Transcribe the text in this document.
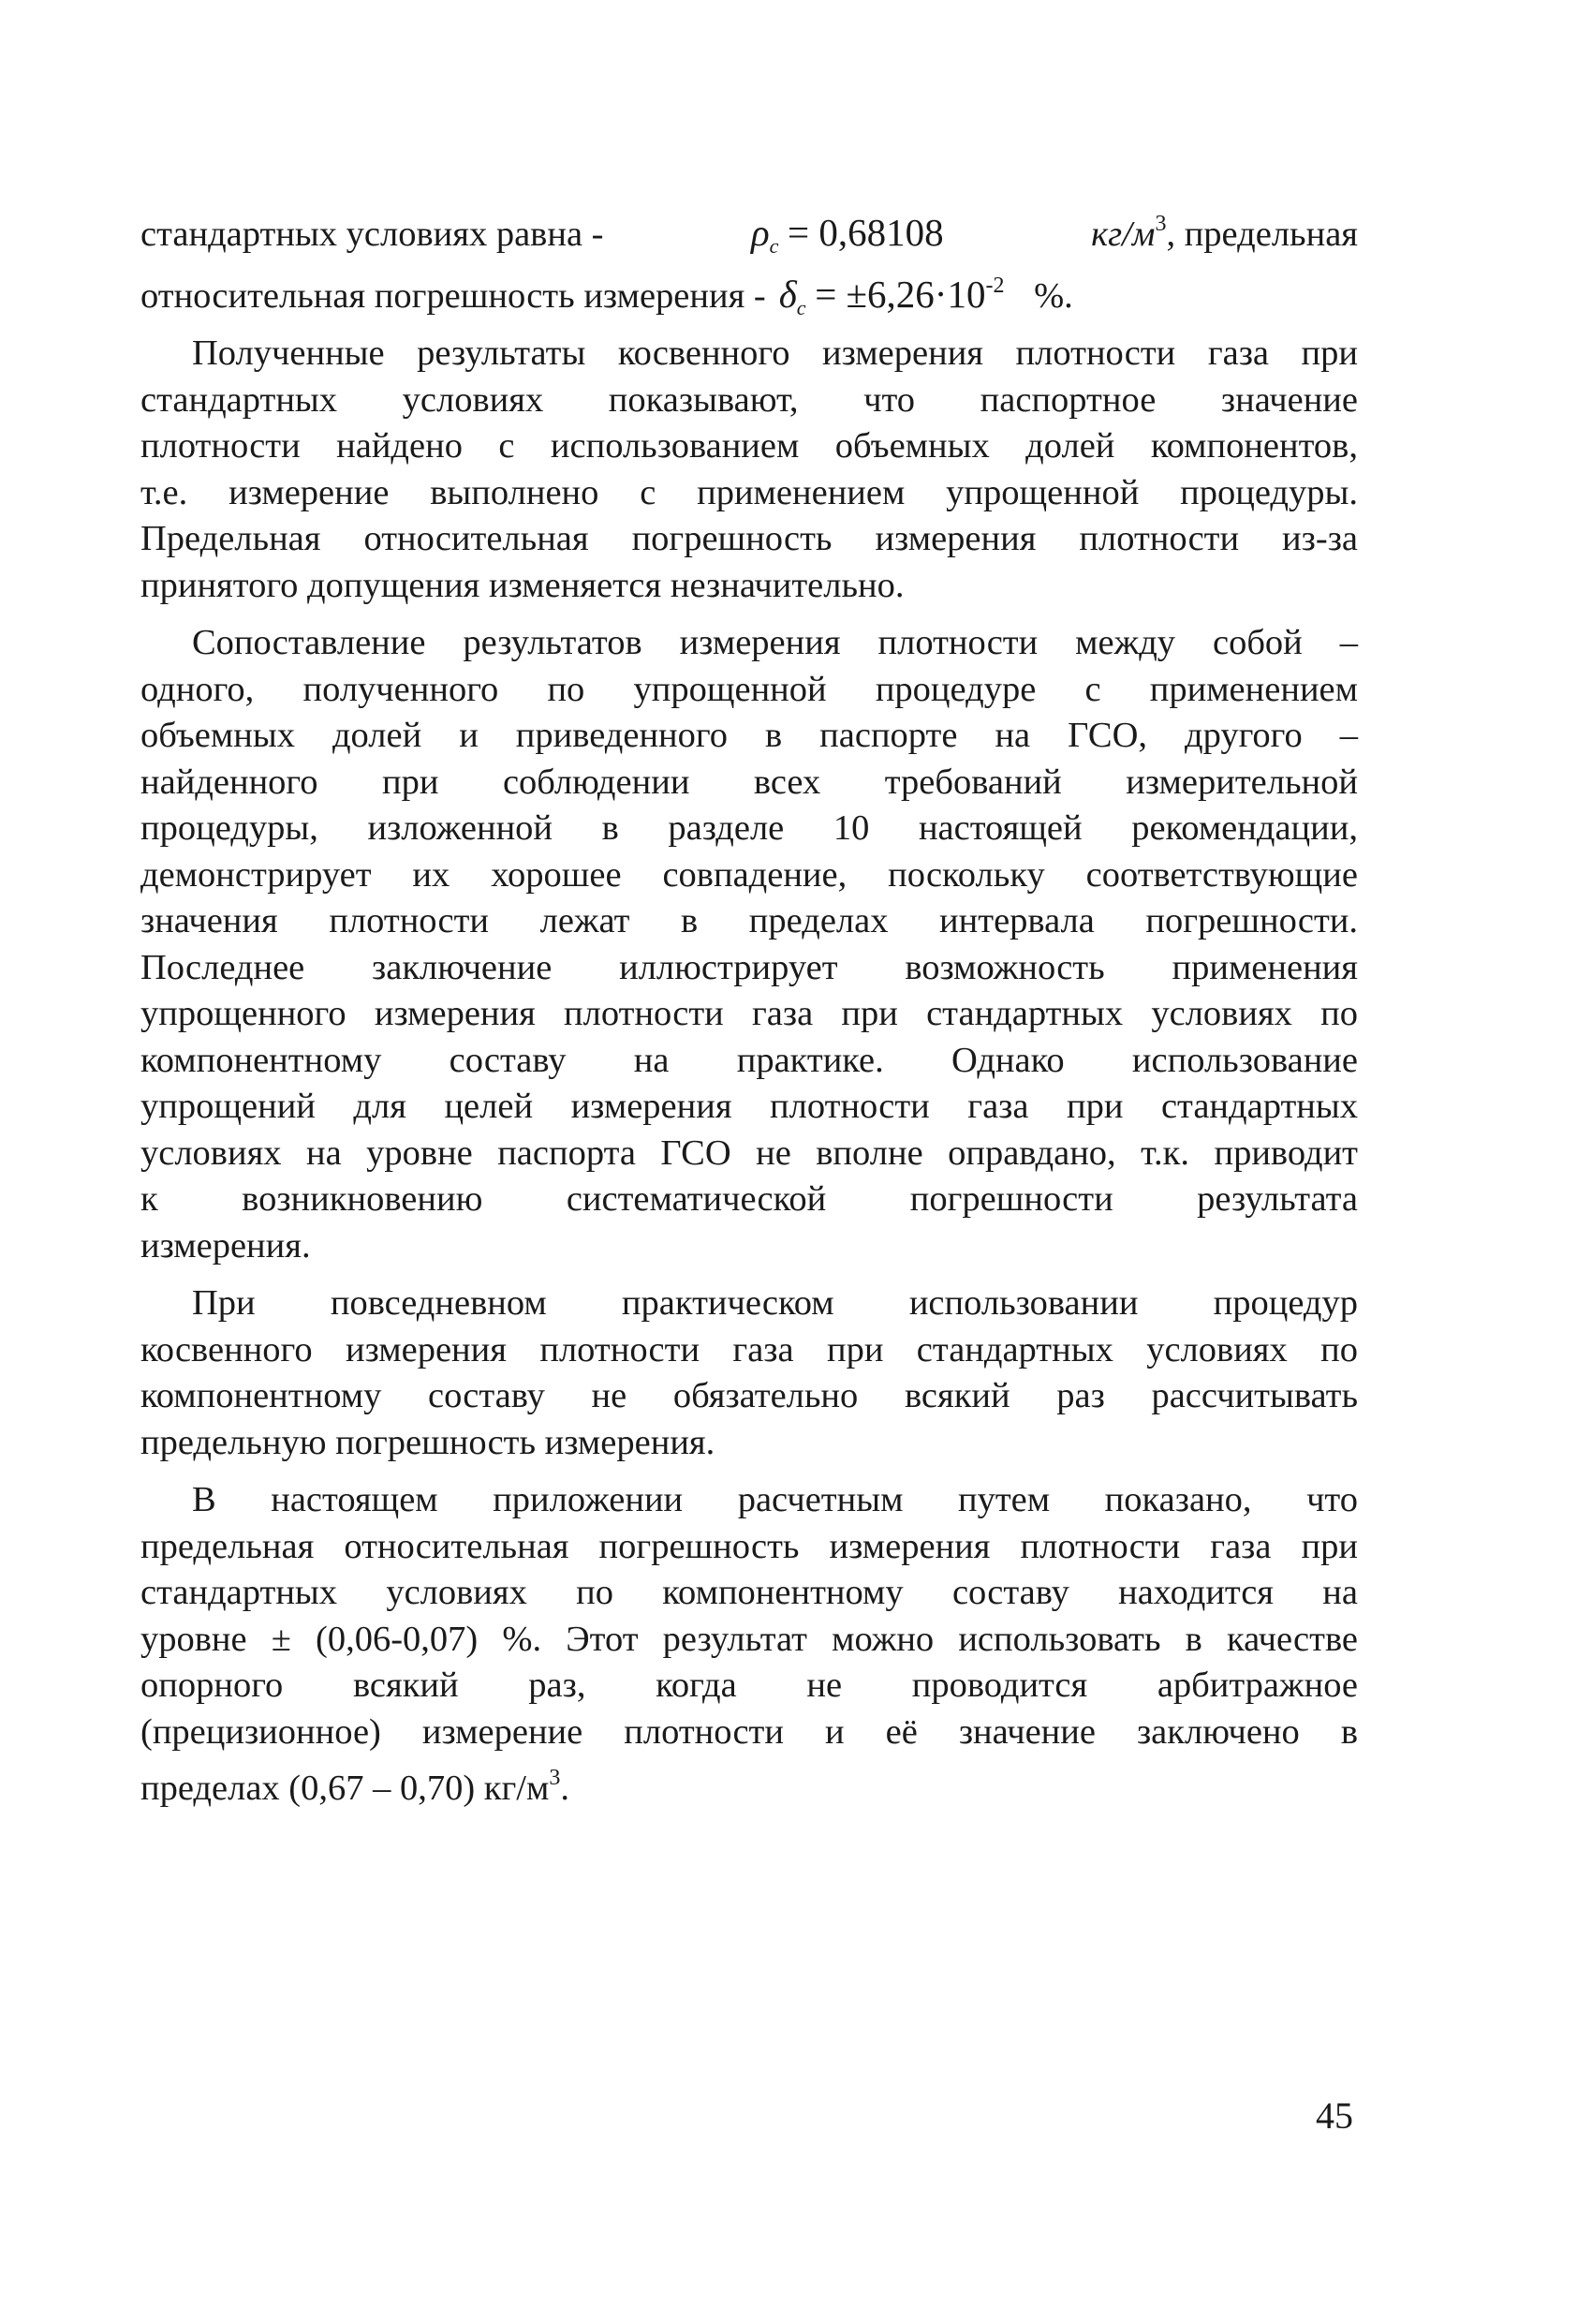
стандартных условиях равна -	$\rho_c = 0,68108$	$кг/м^3$, предельная
относительная погрешность измерения - $\delta_c = \pm 6,26\cdot 10^{-2}$ %.
Полученные результаты косвенного измерения плотности газа при
стандартных условиях показывают, что паспортное значение
плотности найдено с использованием объемных долей компонентов,
т.е. измерение выполнено с применением упрощенной процедуры.
Предельная относительная погрешность измерения плотности из-за
принятого допущения изменяется незначительно.
Сопоставление результатов измерения плотности между собой –
одного, полученного по упрощенной процедуре с применением
объемных долей и приведенного в паспорте на ГСО, другого –
найденного при соблюдении всех требований измерительной
процедуры, изложенной в разделе 10 настоящей рекомендации,
демонстрирует их хорошее совпадение, поскольку соответствующие
значения плотности лежат в пределах интервала погрешности.
Последнее заключение иллюстрирует возможность применения
упрощенного измерения плотности газа при стандартных условиях по
компонентному составу на практике. Однако использование
упрощений для целей измерения плотности газа при стандартных
условиях на уровне паспорта ГСО не вполне оправдано, т.к. приводит
к возникновению систематической погрешности результата
измерения.
При повседневном практическом использовании процедур
косвенного измерения плотности газа при стандартных условиях по
компонентному составу не обязательно всякий раз рассчитывать
предельную погрешность измерения.
В настоящем приложении расчетным путем показано, что
предельная относительная погрешность измерения плотности газа при
стандартных условиях по компонентному составу находится на
уровне ± (0,06-0,07) %. Этот результат можно использовать в качестве
опорного всякий раз, когда не проводится арбитражное
(прецизионное) измерение плотности и её значение заключено в
пределах (0,67 – 0,70) $кг/м^3$.
45
